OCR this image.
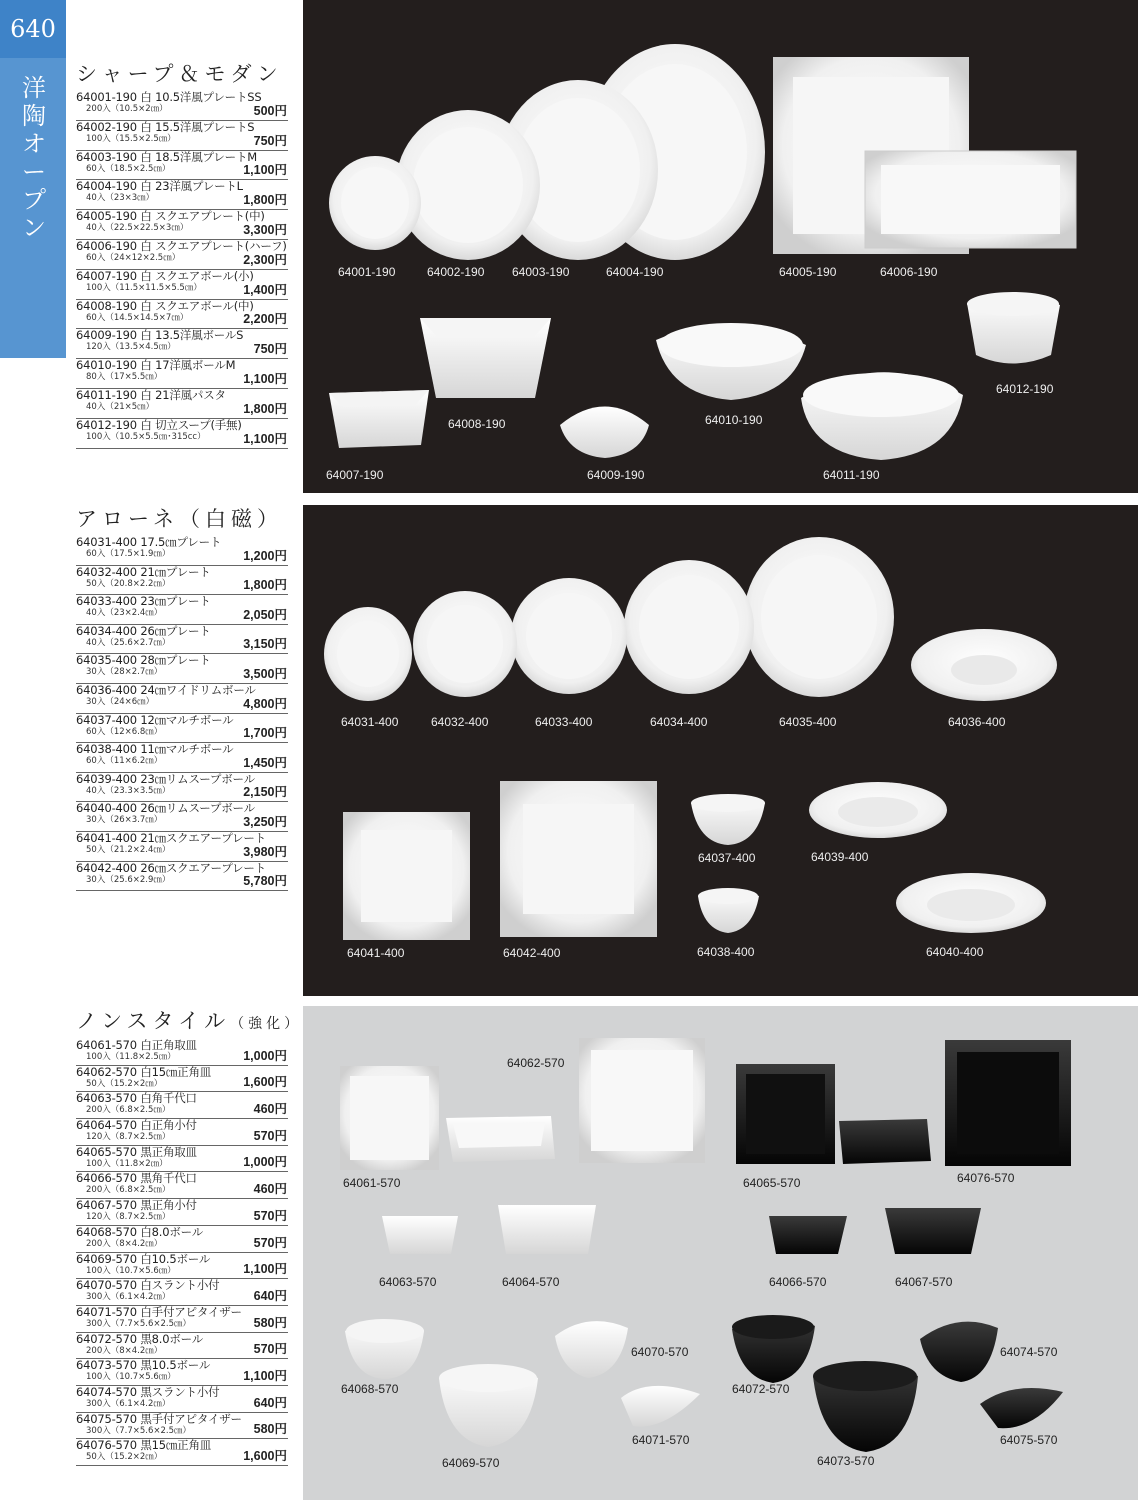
640
洋陶オープン
シャープ＆モダン
64001-190 白 10.5洋風プレートSS
200入（10.5×2㎝）	500円
64002-190 白 15.5洋風プレートS
100入（15.5×2.5㎝）	750円
64003-190 白 18.5洋風プレートM
60入（18.5×2.5㎝）	1,100円
64004-190 白 23洋風プレートL
40入（23×3㎝）	1,800円
64005-190 白 スクエアプレート(中)
40入（22.5×22.5×3㎝）	3,300円
64006-190 白 スクエアプレート(ハーフ)
60入（24×12×2.5㎝）	2,300円
64007-190 白 スクエアボール(小)
100入（11.5×11.5×5.5㎝）	1,400円
64008-190 白 スクエアボール(中)
60入（14.5×14.5×7㎝）	2,200円
64009-190 白 13.5洋風ボールS
120入（13.5×4.5㎝）	750円
64010-190 白 17洋風ボールM
80入（17×5.5㎝）	1,100円
64011-190 白 21洋風パスタ
40入（21×5㎝）	1,800円
64012-190 白 切立スープ(手無)
100入（10.5×5.5㎝･315cc）	1,100円
64001-190	64002-190 64003-190	64004-190	64005-190	64006-190
64008-190	64010-190
64012-190
64007-190	64009-190	64011-190
アローネ（白磁）
64031-400 17.5㎝プレート
60入（17.5×1.9㎝）	1,200円
64032-400 21㎝プレート
50入（20.8×2.2㎝）	1,800円
64033-400 23㎝プレート
40入（23×2.4㎝）	2,050円
64034-400 26㎝プレート
40入（25.6×2.7㎝）	3,150円
64035-400 28㎝プレート
30入（28×2.7㎝）	3,500円
64036-400 24㎝ワイドリムボール
30入（24×6㎝）	4,800円
64037-400 12㎝マルチボール
60入（12×6.8㎝）	1,700円
64038-400 11㎝マルチボール
60入（11×6.2㎝）	1,450円
64039-400 23㎝リムスープボール
40入（23.3×3.5㎝）	2,150円
64040-400 26㎝リムスープボール
30入（26×3.7㎝）	3,250円
64041-400 21㎝スクエアープレート
50入（21.2×2.4㎝）	3,980円
64042-400 26㎝スクエアープレート
30入（25.6×2.9㎝）	5,780円
64031-400	64032-400	64033-400	64034-400	64035-400	64036-400
64037-400	64039-400
64041-400	64042-400	64038-400	64040-400
ノンスタイル（強化）
64061-570 白正角取皿
100入（11.8×2.5㎝）	1,000円
64062-570 白15㎝正角皿
50入（15.2×2㎝）	1,600円
64063-570 白角千代口
200入（6.8×2.5㎝）	460円
64064-570 白正角小付
120入（8.7×2.5㎝）	570円
64065-570 黒正角取皿
100入（11.8×2㎝）	1,000円
64066-570 黒角千代口
200入（6.8×2.5㎝）	460円
64067-570 黒正角小付
120入（8.7×2.5㎝）	570円
64068-570 白8.0ボール
200入（8×4.2㎝）	570円
64069-570 白10.5ボール
100入（10.7×5.6㎝）	1,100円
64070-570 白スラント小付
300入（6.1×4.2㎝）	640円
64071-570 白手付アピタイザー
300入（7.7×5.6×2.5㎝）	580円
64072-570 黒8.0ボール
200入（8×4.2㎝）	570円
64073-570 黒10.5ボール
100入（10.7×5.6㎝）	1,100円
64074-570 黒スラント小付
300入（6.1×4.2㎝）	640円
64075-570 黒手付アピタイザー
300入（7.7×5.6×2.5㎝）	580円
64076-570 黒15㎝正角皿
50入（15.2×2㎝）	1,600円
64062-570
64061-570	64065-570	64076-570
64063-570	64064-570	64066-570	64067-570
64070-570
64068-570	64072-570
64074-570
64071-570	64075-570
64069-570	64073-570
